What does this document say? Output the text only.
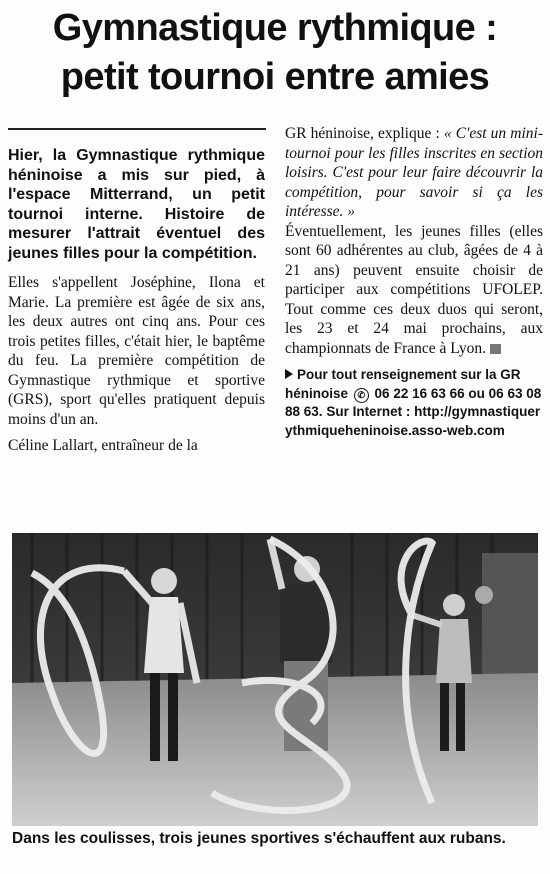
Gymnastique rythmique :
petit tournoi entre amies

Hier, la Gymnastique rythmique héninoise a mis sur pied, à l'espace Mitterrand, un petit tournoi interne. Histoire de mesurer l'attrait éventuel des jeunes filles pour la compétition.

Elles s'appellent Joséphine, Ilona et Marie. La première est âgée de six ans, les deux autres ont cinq ans. Pour ces trois petites filles, c'était hier, le baptême du feu. La première compétition de Gymnastique rythmique et sportive (GRS), sport qu'elles pratiquent depuis moins d'un an.

Céline Lallart, entraîneur de la

GR héninoise, explique : « C'est un mini-tournoi pour les filles inscrites en section loisirs. C'est pour leur faire découvrir la compétition, pour savoir si ça les intéresse. »

Éventuellement, les jeunes filles (elles sont 60 adhérentes au club, âgées de 4 à 21 ans) peuvent ensuite choisir de participer aux compétitions UFOLEP. Tout comme ces deux duos qui seront, les 23 et 24 mai prochains, aux championnats de France à Lyon.

Pour tout renseignement sur la GR héninoise ✆ 06 22 16 63 66 ou 06 63 08 88 63. Sur Internet : http://gymnastiquerythmiqueheninoise.asso-web.com

Dans les coulisses, trois jeunes sportives s'échauffent aux rubans.
